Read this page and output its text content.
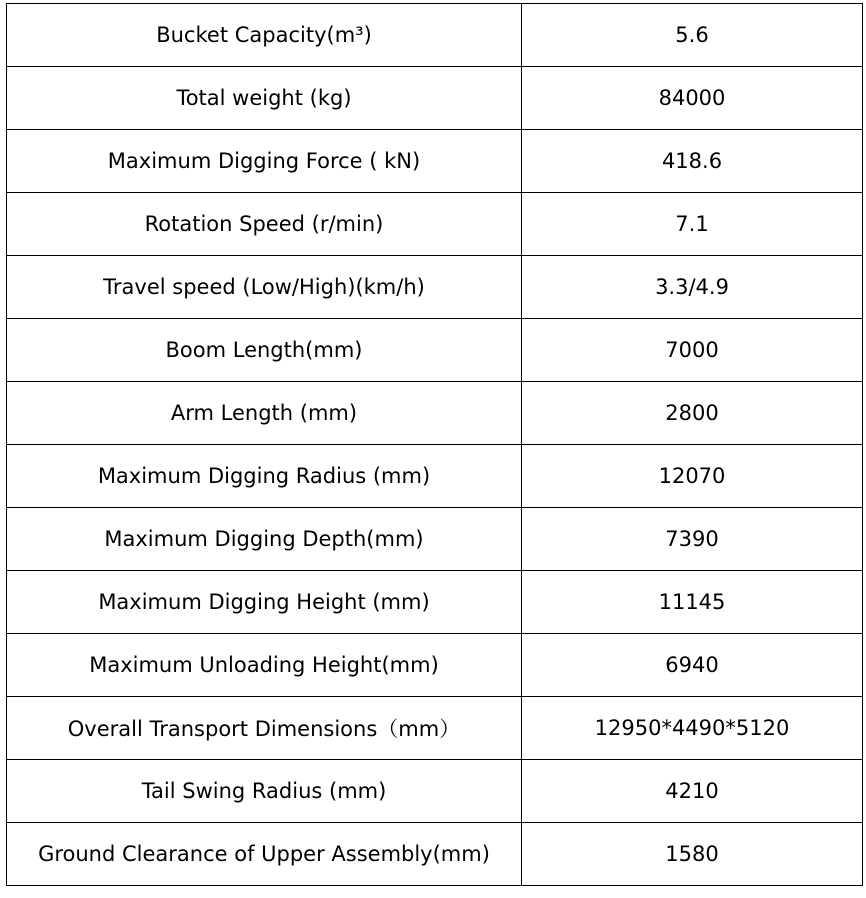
Bucket Capacity(m³)	5.6
Total weight (kg)	84000
Maximum Digging Force ( kN)	418.6
Rotation Speed (r/min)	7.1
Travel speed (Low/High)(km/h)	3.3/4.9
Boom Length(mm)	7000
Arm Length (mm)	2800
Maximum Digging Radius (mm)	12070
Maximum Digging Depth(mm)	7390
Maximum Digging Height (mm)	11145
Maximum Unloading Height(mm)	6940
Overall Transport Dimensions（mm）	12950*4490*5120
Tail Swing Radius (mm)	4210
Ground Clearance of Upper Assembly(mm)	1580
